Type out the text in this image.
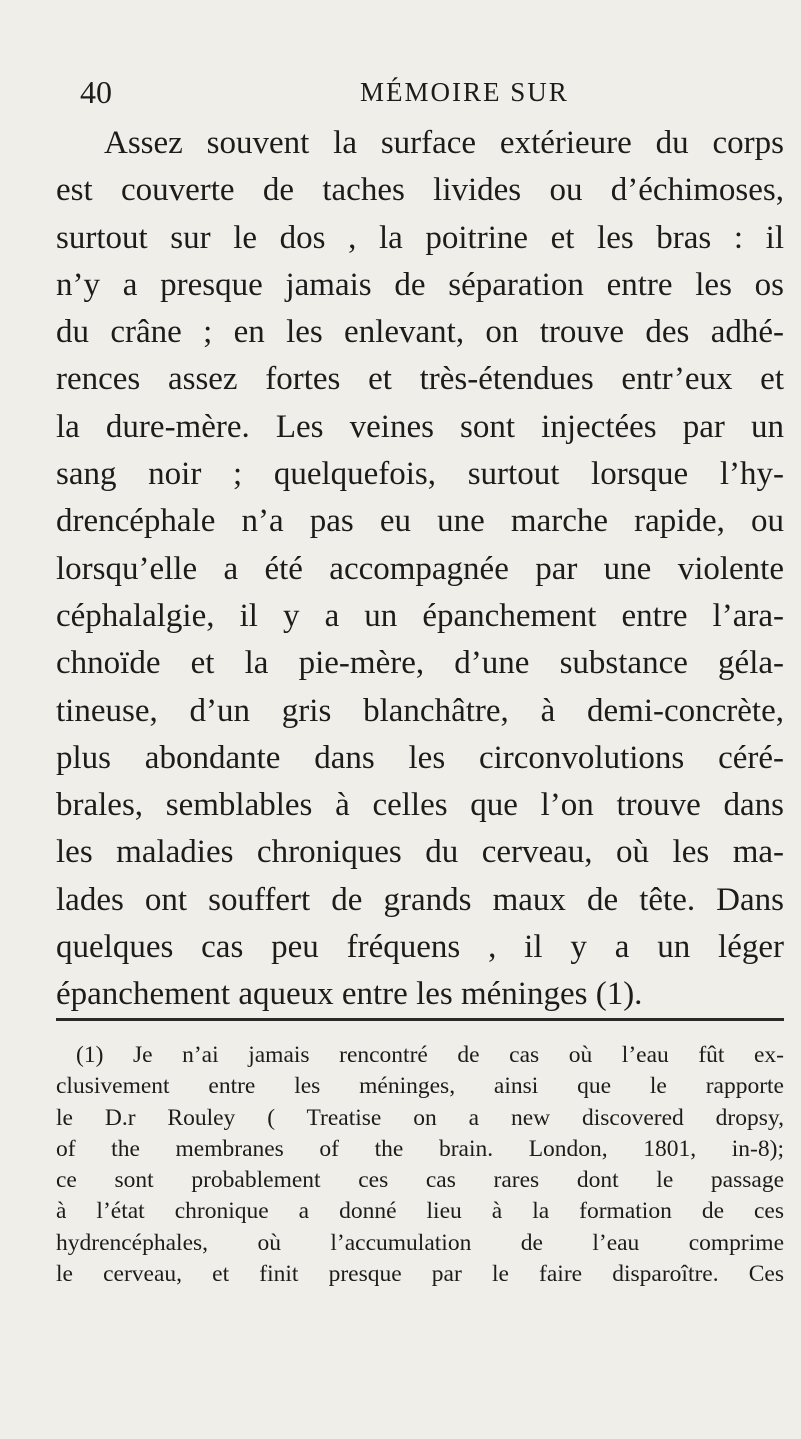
40	MÉMOIRE SUR
Assez souvent la surface extérieure du corps
est couverte de taches livides ou d’échimoses,
surtout sur le dos , la poitrine et les bras : il
n’y a presque jamais de séparation entre les os
du crâne ; en les enlevant, on trouve des adhé-
rences assez fortes et très-étendues entr’eux et
la dure-mère. Les veines sont injectées par un
sang noir ; quelquefois, surtout lorsque l’hy-
drencéphale n’a pas eu une marche rapide, ou
lorsqu’elle a été accompagnée par une violente
céphalalgie, il y a un épanchement entre l’ara-
chnoïde et la pie-mère, d’une substance géla-
tineuse, d’un gris blanchâtre, à demi-concrète,
plus abondante dans les circonvolutions céré-
brales, semblables à celles que l’on trouve dans
les maladies chroniques du cerveau, où les ma-
lades ont souffert de grands maux de tête. Dans
quelques cas peu fréquens , il y a un léger
épanchement aqueux entre les méninges (1).
(1) Je n’ai jamais rencontré de cas où l’eau fût ex-
clusivement entre les méninges, ainsi que le rapporte
le D.r Rouley ( Treatise on a new discovered dropsy,
of the membranes of the brain. London, 1801, in-8);
ce sont probablement ces cas rares dont le passage
à l’état chronique a donné lieu à la formation de ces
hydrencéphales, où l’accumulation de l’eau comprime
le cerveau, et finit presque par le faire disparoître. Ces
